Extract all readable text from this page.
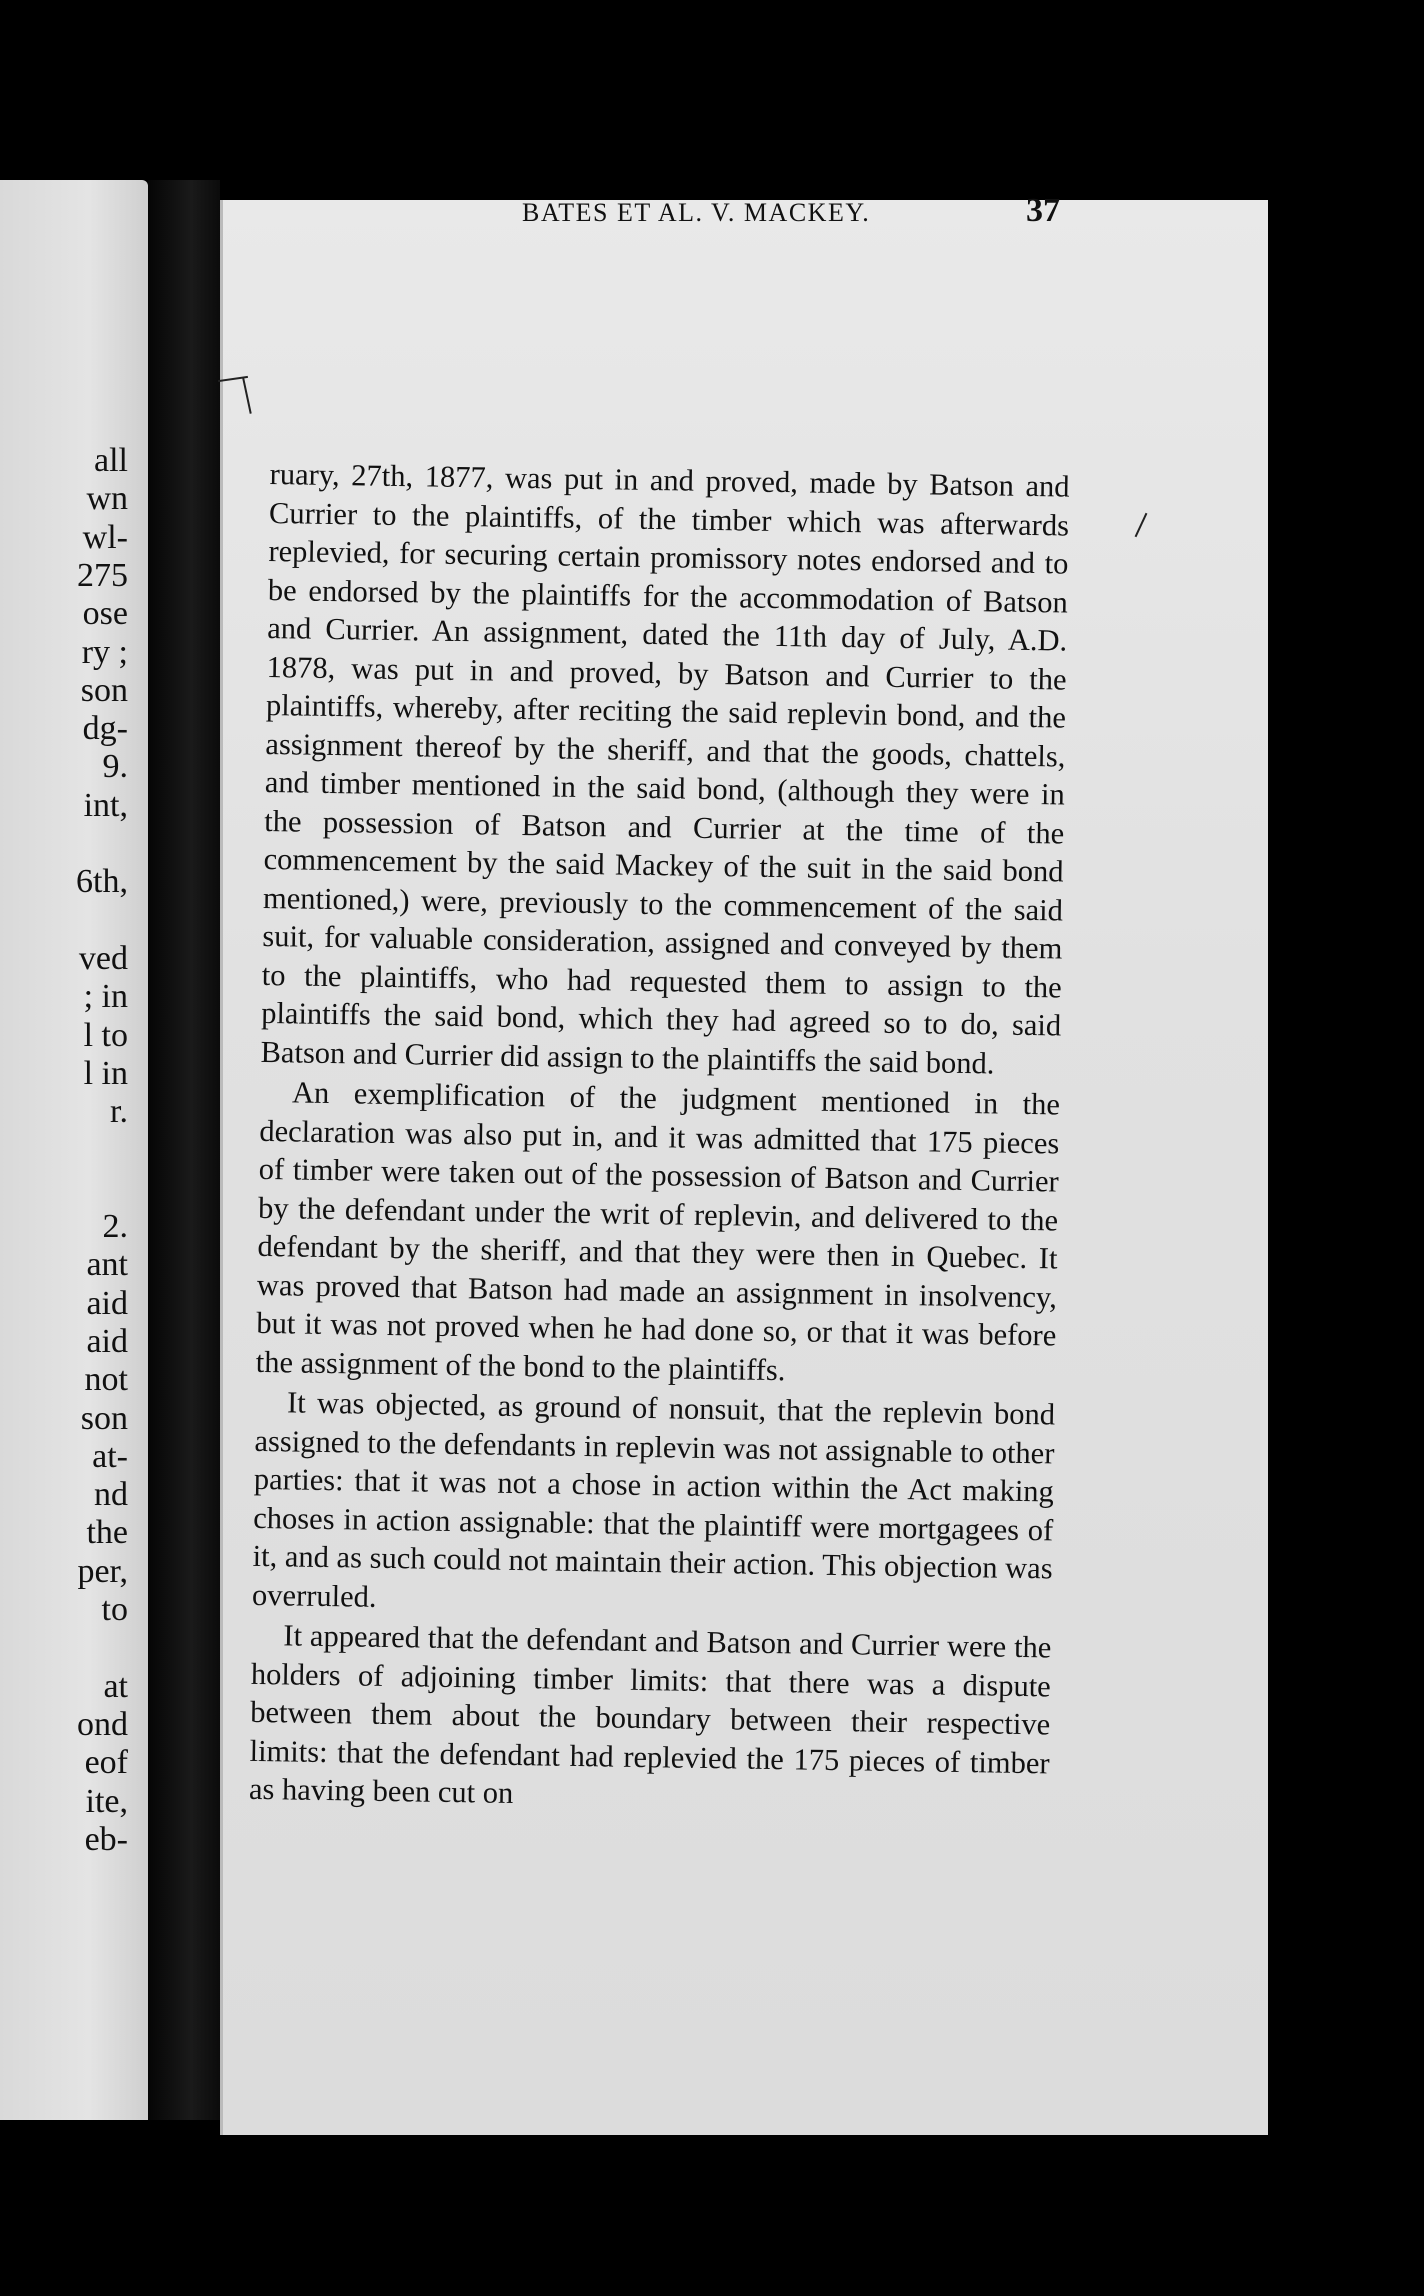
all
wn
wl-
275
ose
ry ;
son
dg-
9.
int,
6th,
ved
; in
l to
l in
r.
2.
ant
aid
aid
not
son
at-
nd
the
per,
to
at
ond
eof
ite,
eb-
BATES ET AL. V. MACKEY.	37

ruary, 27th, 1877, was put in and proved, made by Batson and Currier to the plaintiffs, of the timber which was afterwards replevied, for securing certain promissory notes endorsed and to be endorsed by the plaintiffs for the accommodation of Batson and Currier. An assignment, dated the 11th day of July, A.D. 1878, was put in and proved, by Batson and Currier to the plaintiffs, whereby, after reciting the said replevin bond, and the assignment thereof by the sheriff, and that the goods, chattels, and timber mentioned in the said bond, (although they were in the possession of Batson and Currier at the time of the commencement by the said Mackey of the suit in the said bond mentioned,) were, previously to the commencement of the said suit, for valuable consideration, assigned and conveyed by them to the plaintiffs, who had requested them to assign to the plaintiffs the said bond, which they had agreed so to do, said Batson and Currier did assign to the plaintiffs the said bond.

An exemplification of the judgment mentioned in the declaration was also put in, and it was admitted that 175 pieces of timber were taken out of the possession of Batson and Currier by the defendant under the writ of replevin, and delivered to the defendant by the sheriff, and that they were then in Quebec. It was proved that Batson had made an assignment in insolvency, but it was not proved when he had done so, or that it was before the assignment of the bond to the plaintiffs.

It was objected, as ground of nonsuit, that the replevin bond assigned to the defendants in replevin was not assignable to other parties: that it was not a chose in action within the Act making choses in action assignable: that the plaintiff were mortgagees of it, and as such could not maintain their action. This objection was overruled.

It appeared that the defendant and Batson and Currier were the holders of adjoining timber limits: that there was a dispute between them about the boundary between their respective limits: that the defendant had replevied the 175 pieces of timber as having been cut on
